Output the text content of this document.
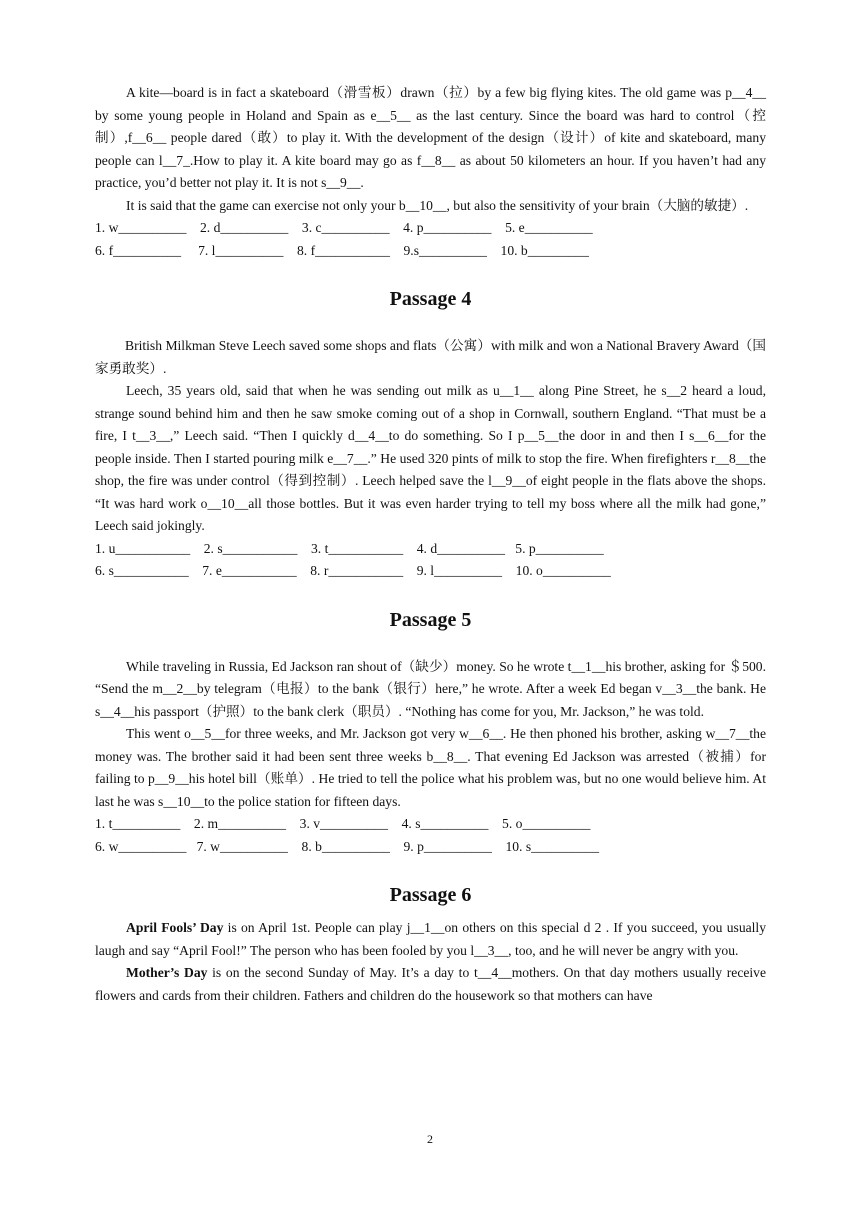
A kite—board is in fact a skateboard（滑雪板）drawn（拉）by a few big flying kites. The old game was p__4__ by some young people in Holand and Spain as e__5__ as the last century. Since the board was hard to control（控制）,f__6__ people dared（敢）to play it. With the development of the design（设计）of kite and skateboard, many people can l__7_.How to play it. A kite board may go as f__8__ as about 50 kilometers an hour. If you haven’t had any practice, you’d better not play it. It is not s__9__.

It is said that the game can exercise not only your b__10__, but also the sensitivity of your brain（大脑的敏捷）.

1. w__________    2. d__________    3. c__________    4. p__________    5. e__________
6. f__________     7. l__________    8. f___________    9.s__________    10. b_________
Passage 4

British Milkman Steve Leech saved some shops and flats（公寓）with milk and won a National Bravery Award（国家勇敢奖）.

Leech, 35 years old, said that when he was sending out milk as u__1__ along Pine Street, he s__2 heard a loud, strange sound behind him and then he saw smoke coming out of a shop in Cornwall, southern England. “That must be a fire, I t__3__,” Leech said. “Then I quickly d__4__to do something. So I p__5__the door in and then I s__6__for the people inside. Then I started pouring milk e__7__.” He used 320 pints of milk to stop the fire. When firefighters r__8__the shop, the fire was under control（得到控制）. Leech helped save the l__9__of eight people in the flats above the shops. “It was hard work o__10__all those bottles. But it was even harder trying to tell my boss where all the milk had gone,” Leech said jokingly.

1. u___________    2. s___________    3. t___________    4. d__________   5. p__________
6. s___________    7. e___________    8. r___________    9. l__________    10. o__________
Passage 5

While traveling in Russia, Ed Jackson ran shout of（缺少）money. So he wrote t__1__his brother, asking for ＄500. “Send the m__2__by telegram（电报）to the bank（银行）here,” he wrote. After a week Ed began v__3__the bank. He s__4__his passport（护照）to the bank clerk（职员）. “Nothing has come for you, Mr. Jackson,” he was told.

This went o__5__for three weeks, and Mr. Jackson got very w__6__. He then phoned his brother, asking w__7__the money was. The brother said it had been sent three weeks b__8__. That evening Ed Jackson was arrested（被捕）for failing to p__9__his hotel bill（账单）. He tried to tell the police what his problem was, but no one would believe him. At last he was s__10__to the police station for fifteen days.

1. t__________    2. m__________    3. v__________    4. s__________    5. o__________
6. w__________   7. w__________    8. b__________    9. p__________    10. s__________
Passage 6

April Fools’ Day is on April 1st. People can play j__1__on others on this special d 2 . If you succeed, you usually laugh and say “April Fool!” The person who has been fooled by you l__3__, too, and he will never be angry with you.

Mother’s Day is on the second Sunday of May. It’s a day to t__4__mothers. On that day mothers usually receive flowers and cards from their children. Fathers and children do the housework so that mothers can have

2
